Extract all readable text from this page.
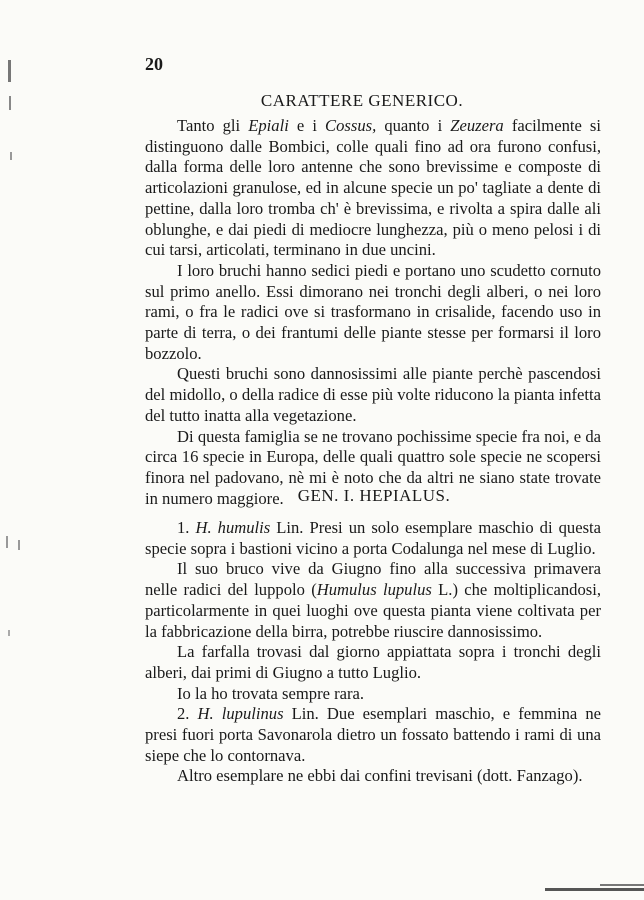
20
CARATTERE GENERICO.

Tanto gli Epiali e i Cossus, quanto i Zeuzera facilmente si distinguono dalle Bombici, colle quali fino ad ora furono confusi, dalla forma delle loro antenne che sono brevissime e composte di articolazioni granulose, ed in alcune specie un po' tagliate a dente di pettine, dalla loro tromba ch' è brevissima, e rivolta a spira dalle ali oblunghe, e dai piedi di mediocre lunghezza, più o meno pelosi i di cui tarsi, articolati, terminano in due uncini.

I loro bruchi hanno sedici piedi e portano uno scudetto cornuto sul primo anello. Essi dimorano nei tronchi degli alberi, o nei loro rami, o fra le radici ove si trasformano in crisalide, facendo uso in parte di terra, o dei frantumi delle piante stesse per formarsi il loro bozzolo.

Questi bruchi sono dannosissimi alle piante perchè pascendosi del midollo, o della radice di esse più volte riducono la pianta infetta del tutto inatta alla vegetazione.

Di questa famiglia se ne trovano pochissime specie fra noi, e da circa 16 specie in Europa, delle quali quattro sole specie ne scopersi finora nel padovano, nè mi è noto che da altri ne siano state trovate in numero maggiore. GEN. I. HEPIALUS.

1. H. humulis Lin. Presi un solo esemplare maschio di questa specie sopra i bastioni vicino a porta Codalunga nel mese di Luglio.

Il suo bruco vive da Giugno fino alla successiva primavera nelle radici del luppolo (Humulus lupulus L.) che moltiplicandosi, particolarmente in quei luoghi ove questa pianta viene coltivata per la fabbricazione della birra, potrebbe riuscire dannosissimo.

La farfalla trovasi dal giorno appiattata sopra i tronchi degli alberi, dai primi di Giugno a tutto Luglio.

Io la ho trovata sempre rara.

2. H. lupulinus Lin. Due esemplari maschio, e femmina ne presi fuori porta Savonarola dietro un fossato battendo i rami di una siepe che lo contornava.

Altro esemplare ne ebbi dai confini trevisani (dott. Fanzago).
